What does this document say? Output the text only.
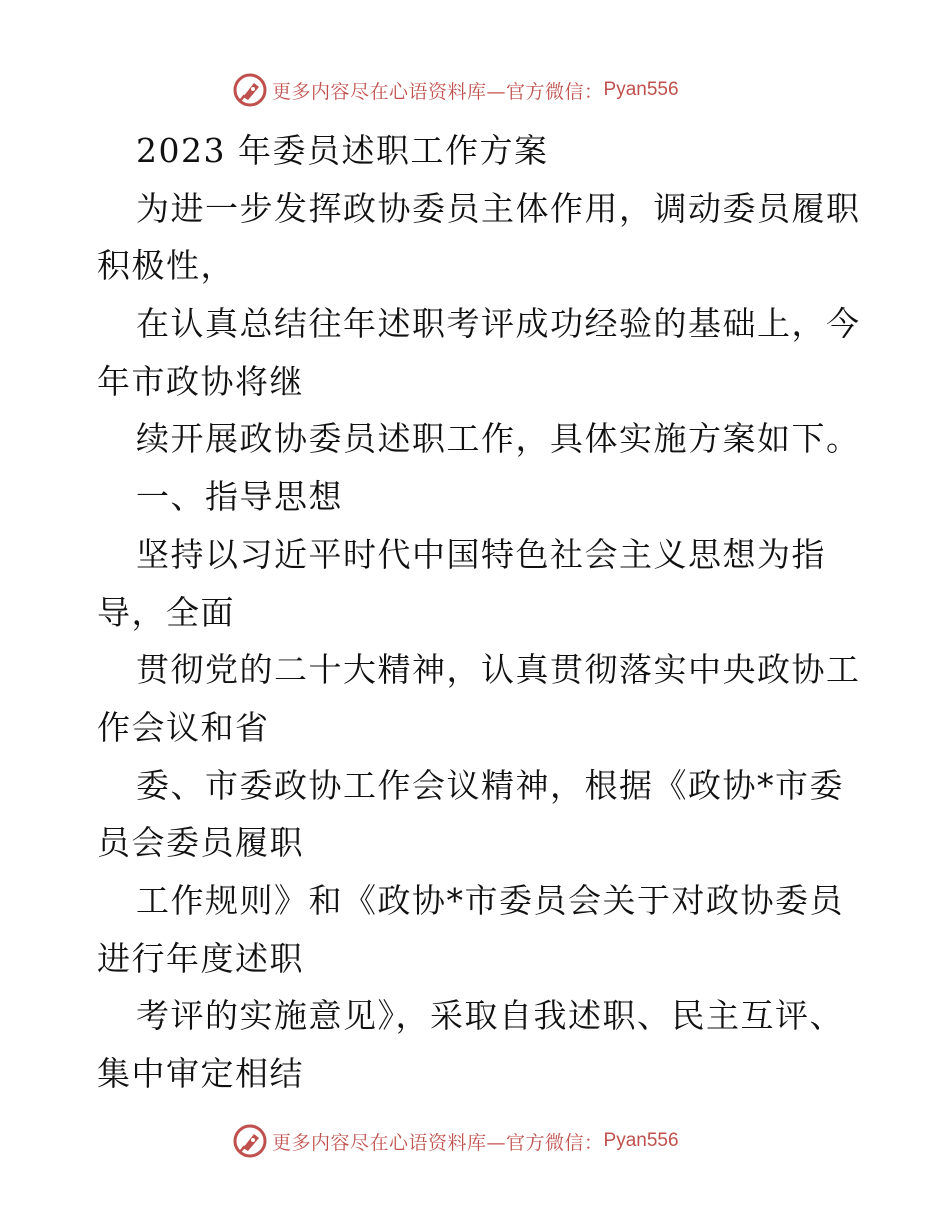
更多内容尽在心语资料库—官方微信： Pyan556
2023 年委员述职工作方案
为进一步发挥政协委员主体作用，调动委员履职
积极性，
在认真总结往年述职考评成功经验的基础上，今
年市政协将继
续开展政协委员述职工作，具体实施方案如下。
一、指导思想
坚持以习近平时代中国特色社会主义思想为指
导，全面
贯彻党的二十大精神，认真贯彻落实中央政协工
作会议和省
委、市委政协工作会议精神，根据《政协*市委
员会委员履职
工作规则》和《政协*市委员会关于对政协委员
进行年度述职
考评的实施意见》，采取自我述职、民主互评、
集中审定相结
更多内容尽在心语资料库—官方微信： Pyan556
